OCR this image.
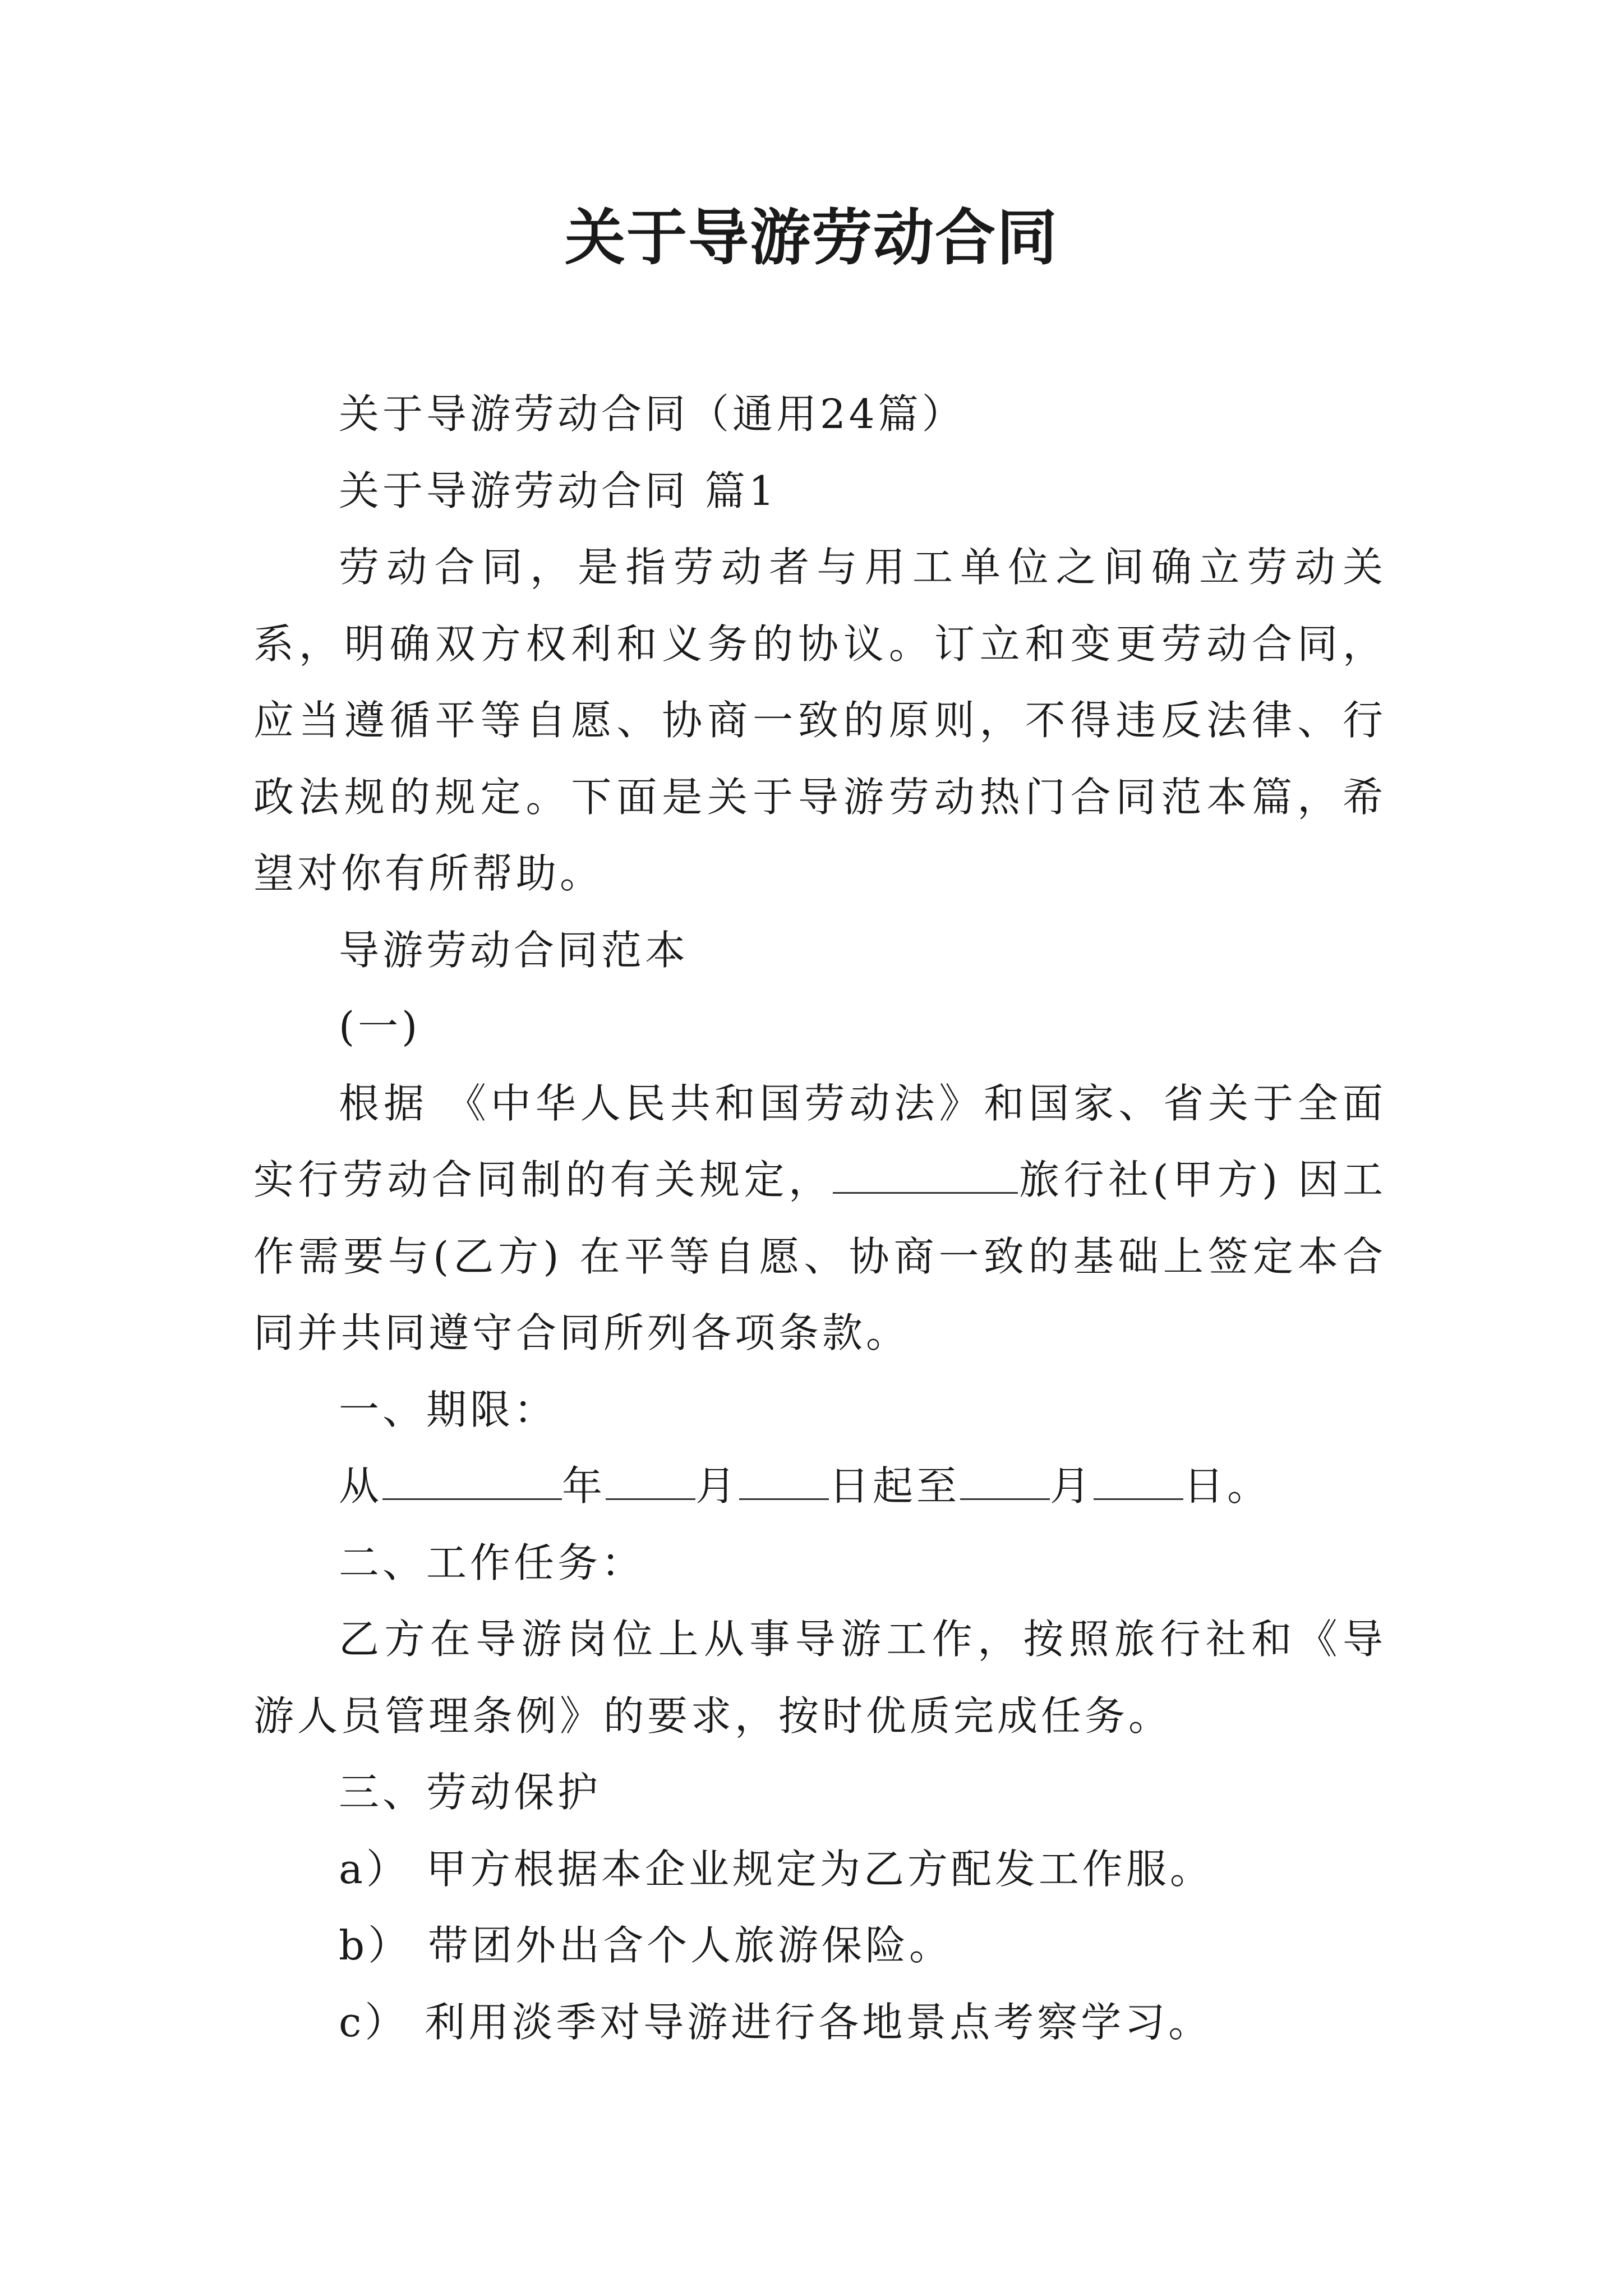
关于导游劳动合同

关于导游劳动合同（通用24篇）

关于导游劳动合同 篇1

劳动合同，是指劳动者与用工单位之间确立劳动关系，明确双方权利和义务的协议。订立和变更劳动合同，应当遵循平等自愿、协商一致的原则，不得违反法律、行政法规的规定。下面是关于导游劳动热门合同范本篇，希望对你有所帮助。

导游劳动合同范本

(一)

根据 《中华人民共和国劳动法》和国家、省关于全面实行劳动合同制的有关规定，	旅行社(甲方) 因工作需要与(乙方) 在平等自愿、协商一致的基础上签定本合同并共同遵守合同所列各项条款。

一、期限：

从	年 月 日起至 月 日。

二、工作任务：

乙方在导游岗位上从事导游工作，按照旅行社和《导游人员管理条例》的要求，按时优质完成任务。

三、劳动保护

a） 甲方根据本企业规定为乙方配发工作服。

b） 带团外出含个人旅游保险。

c） 利用淡季对导游进行各地景点考察学习。
